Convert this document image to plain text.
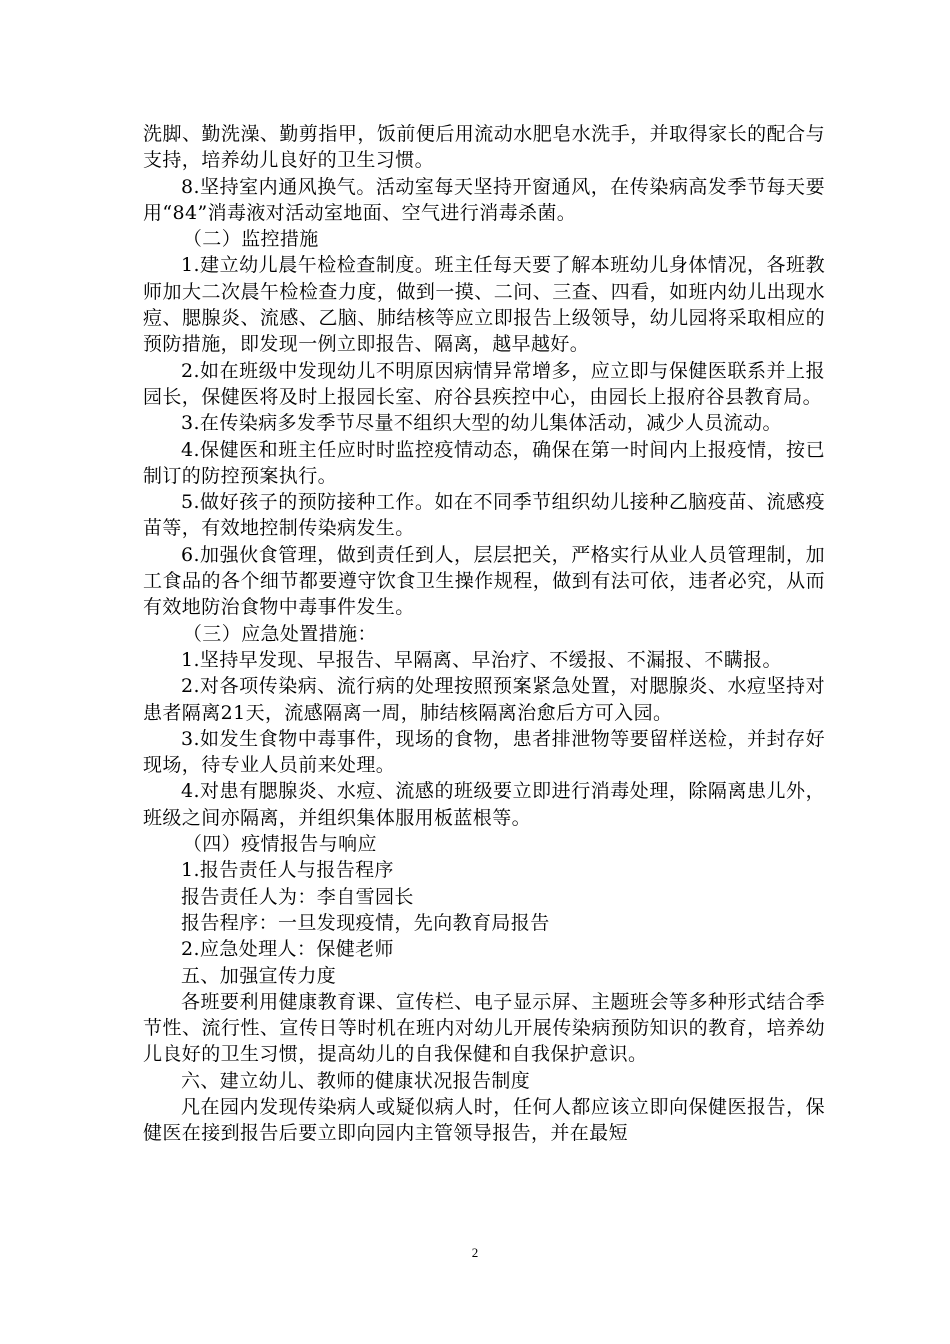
洗脚、勤洗澡、勤剪指甲，饭前便后用流动水肥皂水洗手，并取得家长的配合与支持，培养幼儿良好的卫生习惯。

8.坚持室内通风换气。活动室每天坚持开窗通风，在传染病高发季节每天要用“84”消毒液对活动室地面、空气进行消毒杀菌。

（二）监控措施

1.建立幼儿晨午检检查制度。班主任每天要了解本班幼儿身体情况，各班教师加大二次晨午检检查力度，做到一摸、二问、三查、四看，如班内幼儿出现水痘、腮腺炎、流感、乙脑、肺结核等应立即报告上级领导，幼儿园将采取相应的预防措施，即发现一例立即报告、隔离，越早越好。

2.如在班级中发现幼儿不明原因病情异常增多，应立即与保健医联系并上报园长，保健医将及时上报园长室、府谷县疾控中心，由园长上报府谷县教育局。

3.在传染病多发季节尽量不组织大型的幼儿集体活动，减少人员流动。

4.保健医和班主任应时时监控疫情动态，确保在第一时间内上报疫情，按已制订的防控预案执行。

5.做好孩子的预防接种工作。如在不同季节组织幼儿接种乙脑疫苗、流感疫苗等，有效地控制传染病发生。

6.加强伙食管理，做到责任到人，层层把关，严格实行从业人员管理制，加工食品的各个细节都要遵守饮食卫生操作规程，做到有法可依，违者必究，从而有效地防治食物中毒事件发生。

（三）应急处置措施：

1.坚持早发现、早报告、早隔离、早治疗、不缓报、不漏报、不瞒报。

2.对各项传染病、流行病的处理按照预案紧急处置，对腮腺炎、水痘坚持对患者隔离21天，流感隔离一周，肺结核隔离治愈后方可入园。

3.如发生食物中毒事件，现场的食物，患者排泄物等要留样送检，并封存好现场，待专业人员前来处理。

4.对患有腮腺炎、水痘、流感的班级要立即进行消毒处理，除隔离患儿外，班级之间亦隔离，并组织集体服用板蓝根等。

（四）疫情报告与响应

1.报告责任人与报告程序

报告责任人为：李自雪园长

报告程序：一旦发现疫情，先向教育局报告

2.应急处理人：保健老师

五、加强宣传力度

各班要利用健康教育课、宣传栏、电子显示屏、主题班会等多种形式结合季节性、流行性、宣传日等时机在班内对幼儿开展传染病预防知识的教育，培养幼儿良好的卫生习惯，提高幼儿的自我保健和自我保护意识。

六、建立幼儿、教师的健康状况报告制度

凡在园内发现传染病人或疑似病人时，任何人都应该立即向保健医报告，保健医在接到报告后要立即向园内主管领导报告，并在最短

2
